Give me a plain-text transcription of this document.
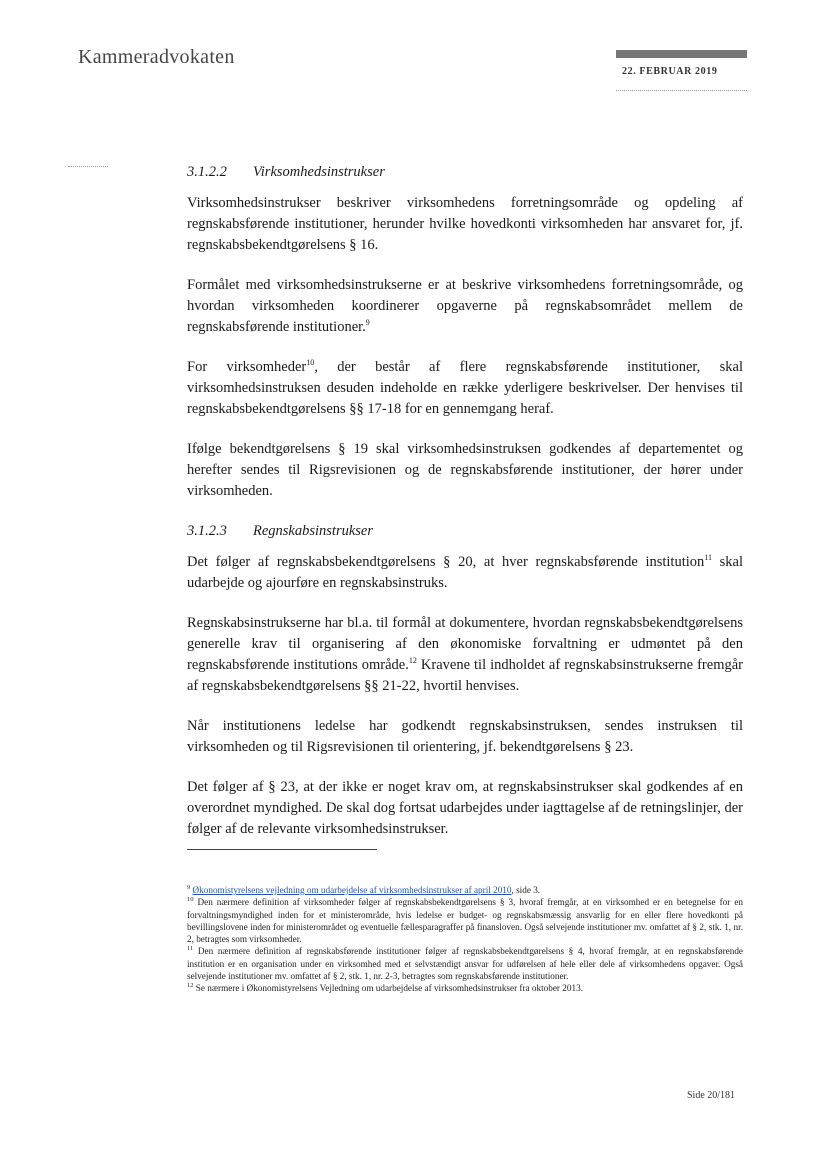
Kammeradvokaten
22. FEBRUAR 2019
3.1.2.2 Virksomhedsinstrukser

Virksomhedsinstrukser beskriver virksomhedens forretningsområde og opdeling af regnskabsførende institutioner, herunder hvilke hovedkonti virksomheden har ansvaret for, jf. regnskabsbekendtgørelsens § 16.

Formålet med virksomhedsinstrukserne er at beskrive virksomhedens forretningsområde, og hvordan virksomheden koordinerer opgaverne på regnskabsområdet mellem de regnskabsførende institutioner.$^9$

For virksomheder$^{10}$, der består af flere regnskabsførende institutioner, skal virksomhedsinstruksen desuden indeholde en række yderligere beskrivelser. Der henvises til regnskabsbekendtgørelsens §§ 17-18 for en gennemgang heraf.

Ifølge bekendtgørelsens § 19 skal virksomhedsinstruksen godkendes af departementet og herefter sendes til Rigsrevisionen og de regnskabsførende institutioner, der hører under virksomheden.

3.1.2.3 Regnskabsinstrukser

Det følger af regnskabsbekendtgørelsens § 20, at hver regnskabsførende institution$^{11}$ skal udarbejde og ajourføre en regnskabsinstruks.

Regnskabsinstrukserne har bl.a. til formål at dokumentere, hvordan regnskabsbekendtgørelsens generelle krav til organisering af den økonomiske forvaltning er udmøntet på den regnskabsførende institutions område.$^{12}$ Kravene til indholdet af regnskabsinstrukserne fremgår af regnskabsbekendtgørelsens §§ 21-22, hvortil henvises.

Når institutionens ledelse har godkendt regnskabsinstruksen, sendes instruksen til virksomheden og til Rigsrevisionen til orientering, jf. bekendtgørelsens § 23.

Det følger af § 23, at der ikke er noget krav om, at regnskabsinstrukser skal godkendes af en overordnet myndighed. De skal dog fortsat udarbejdes under iagttagelse af de retningslinjer, der følger af de relevante virksomhedsinstrukser.

$^9$ Økonomistyrelsens vejledning om udarbejdelse af virksomhedsinstrukser af april 2010, side 3.

$^{10}$ Den nærmere definition af virksomheder følger af regnskabsbekendtgørelsens § 3, hvoraf fremgår, at en virksomhed er en betegnelse for en forvaltningsmyndighed inden for et ministerområde, hvis ledelse er budget- og regnskabsmæssig ansvarlig for en eller flere hovedkonti på bevillingslovene inden for ministerområdet og eventuelle fællesparagraffer på finansloven. Også selvejende institutioner mv. omfattet af § 2, stk. 1, nr. 2, betragtes som virksomheder.

$^{11}$ Den nærmere definition af regnskabsførende institutioner følger af regnskabsbekendtgørelsens § 4, hvoraf fremgår, at en regnskabsførende institution er en organisation under en virksomhed med et selvstændigt ansvar for udførelsen af hele eller dele af virksomhedens opgaver. Også selvejende institutioner mv. omfattet af § 2, stk. 1, nr. 2-3, betragtes som regnskabsførende institutioner.

$^{12}$ Se nærmere i Økonomistyrelsens Vejledning om udarbejdelse af virksomhedsinstrukser fra oktober 2013.

Side 20/181
